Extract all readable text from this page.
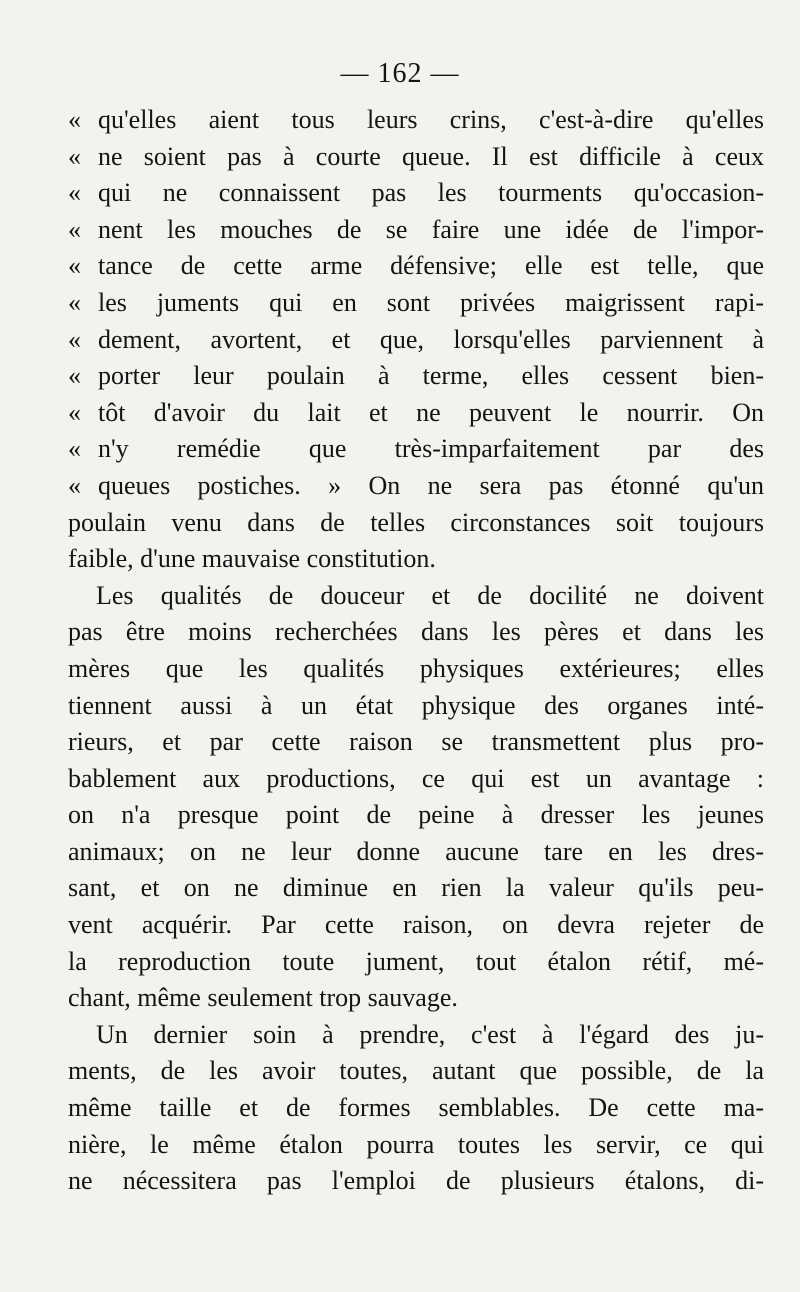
— 162 —
« qu'elles aient tous leurs crins, c'est-à-dire qu'elles
« ne soient pas à courte queue. Il est difficile à ceux
« qui ne connaissent pas les tourments qu'occasion-
« nent les mouches de se faire une idée de l'impor-
« tance de cette arme défensive; elle est telle, que
« les juments qui en sont privées maigrissent rapi-
« dement, avortent, et que, lorsqu'elles parviennent à
« porter leur poulain à terme, elles cessent bien-
« tôt d'avoir du lait et ne peuvent le nourrir. On
« n'y remédie que très-imparfaitement par des
« queues postiches. » On ne sera pas étonné qu'un
poulain venu dans de telles circonstances soit toujours
faible, d'une mauvaise constitution.
Les qualités de douceur et de docilité ne doivent
pas être moins recherchées dans les pères et dans les
mères que les qualités physiques extérieures; elles
tiennent aussi à un état physique des organes inté-
rieurs, et par cette raison se transmettent plus pro-
bablement aux productions, ce qui est un avantage :
on n'a presque point de peine à dresser les jeunes
animaux; on ne leur donne aucune tare en les dres-
sant, et on ne diminue en rien la valeur qu'ils peu-
vent acquérir. Par cette raison, on devra rejeter de
la reproduction toute jument, tout étalon rétif, mé-
chant, même seulement trop sauvage.
Un dernier soin à prendre, c'est à l'égard des ju-
ments, de les avoir toutes, autant que possible, de la
même taille et de formes semblables. De cette ma-
nière, le même étalon pourra toutes les servir, ce qui
ne nécessitera pas l'emploi de plusieurs étalons, di-
